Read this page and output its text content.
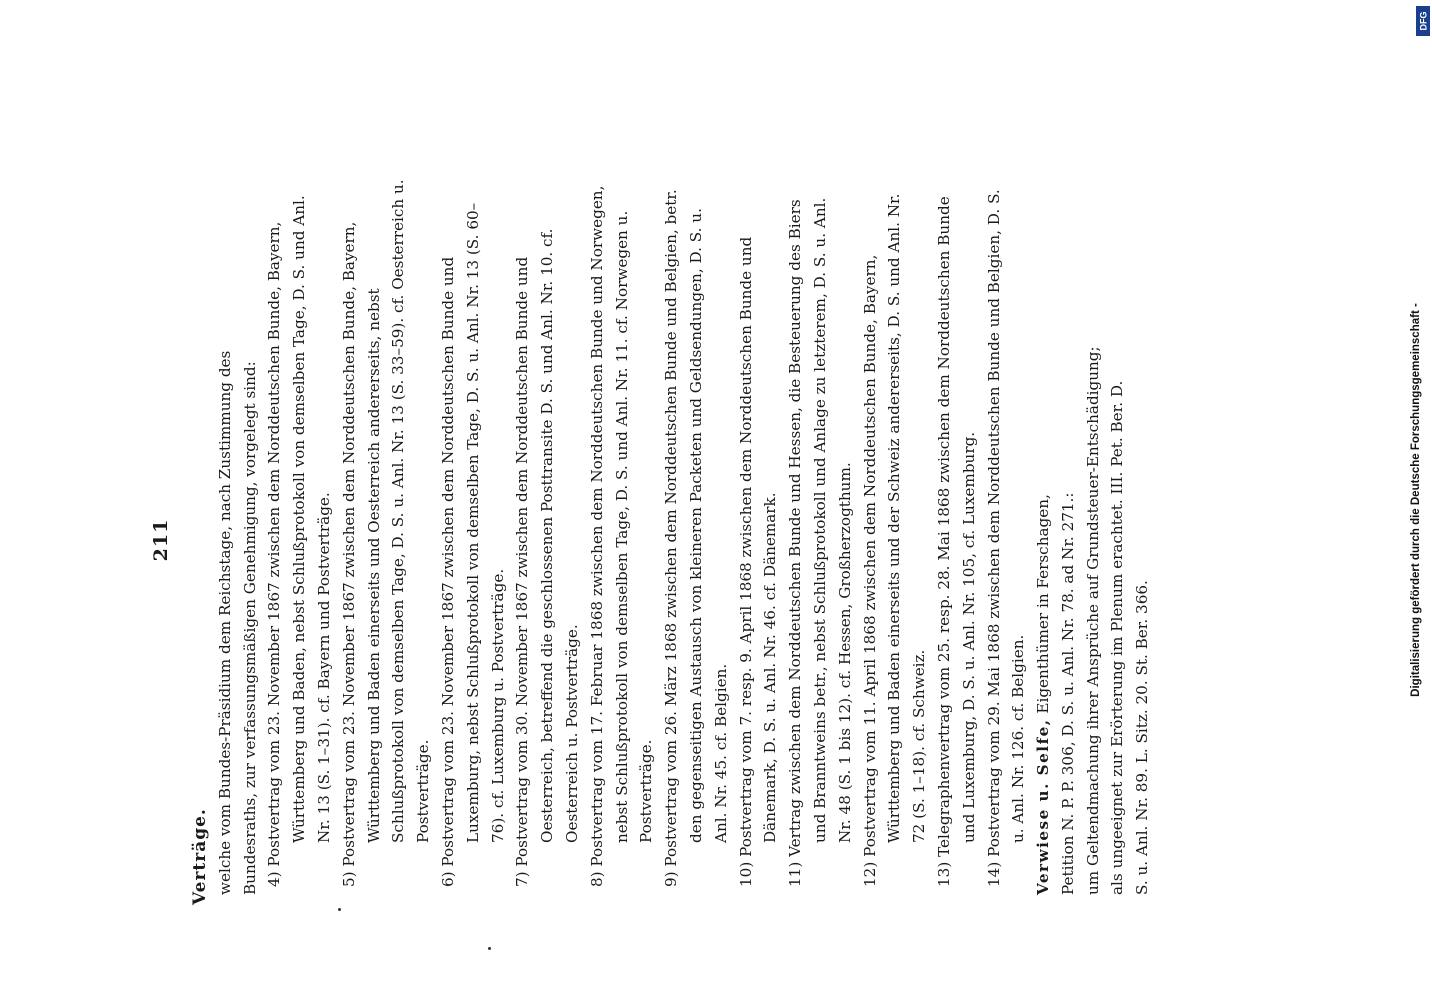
211

Verträge. welche vom Bundes-Präsidium dem Reichstage, nach Zustimmung des Bundesraths, zur verfassungsmäßigen Genehmigung, vorgelegt sind: 4) Postvertrag vom 23. November 1867 zwischen dem Norddeutschen Bunde, Bayern, Württemberg und Baden, nebst Schlußprotokoll von demselben Tage, D. S. und Anl. Nr. 13 (S. 1–31). cf. Bayern und Postverträge.

5) Postvertrag vom 23. November 1867 zwischen dem Norddeutschen Bunde, Bayern, Württemberg und Baden einerseits und Oesterreich andererseits, nebst Schlußprotokoll von demselben Tage, D. S. u. Anl. Nr. 13 (S. 33–59). cf. Oesterreich u. Postverträge.

6) Postvertrag vom 23. November 1867 zwischen dem Norddeutschen Bunde und Luxemburg, nebst Schlußprotokoll von demselben Tage, D. S. u. Anl. Nr. 13 (S. 60–76). cf. Luxemburg u. Postverträge.

7) Postvertrag vom 30. November 1867 zwischen dem Norddeutschen Bunde und Oesterreich, betreffend die geschlossenen Posttransite D. S. und Anl. Nr. 10. cf. Oesterreich u. Postverträge.

8) Postvertrag vom 17. Februar 1868 zwischen dem Norddeutschen Bunde und Norwegen, nebst Schlußprotokoll von demselben Tage, D. S. und Anl. Nr. 11. cf. Norwegen u. Postverträge.

9) Postvertrag vom 26. März 1868 zwischen dem Norddeutschen Bunde und Belgien, betr. den gegenseitigen Austausch von kleineren Packeten und Geldsendungen, D. S. u. Anl. Nr. 45. cf. Belgien.

10) Postvertrag vom 7. resp. 9. April 1868 zwischen dem Norddeutschen Bunde und Dänemark, D. S. u. Anl. Nr. 46. cf. Dänemark.

11) Vertrag zwischen dem Norddeutschen Bunde und Hessen, die Besteuerung des Biers und Branntweins betr., nebst Schlußprotokoll und Anlage zu letzterem, D. S. u. Anl. Nr. 48 (S. 1 bis 12). cf. Hessen, Großherzogthum.

12) Postvertrag vom 11. April 1868 zwischen dem Norddeutschen Bunde, Bayern, Württemberg und Baden einerseits und der Schweiz andererseits, D. S. und Anl. Nr. 72 (S. 1–18). cf. Schweiz.

13) Telegraphenvertrag vom 25. resp. 28. Mai 1868 zwischen dem Norddeutschen Bunde und Luxemburg, D. S. u. Anl. Nr. 105, cf. Luxemburg.

14) Postvertrag vom 29. Mai 1868 zwischen dem Norddeutschen Bunde und Belgien, D. S. u. Anl. Nr. 126. cf. Belgien. Verwiese u. Selfe, Eigenthümer in Ferschagen, Petition N. P. P. 306, D. S. u. Anl. Nr. 78. ad Nr. 271.: um Geltendmachung ihrer Ansprüche auf Grundsteuer-Entschädigung; als ungeeignet zur Erörterung im Plenum erachtet. III. Pet. Ber. D. S. u. Anl. Nr. 89. L. Sitz. 20. St. Ber. 366.

Digitalisierung gefördert durch die Deutsche Forschungsgemeinschaft -
DFG
